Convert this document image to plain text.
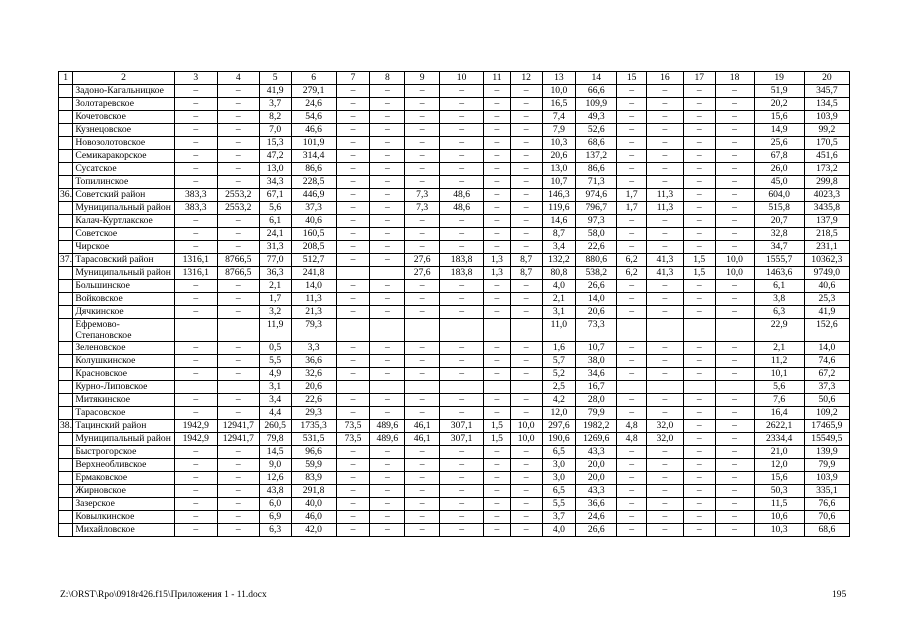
1	2	3	4	5	6	7	8	9	10	11	12	13	14	15	16	17	18	19	20
	Задоно-Кагальницкое	–	–	41,9	279,1	–	–	–	–	–	–	10,0	66,6	–	–	–	–	51,9	345,7
	Золотаревское	–	–	3,7	24,6	–	–	–	–	–	–	16,5	109,9	–	–	–	–	20,2	134,5
	Кочетовское	–	–	8,2	54,6	–	–	–	–	–	–	7,4	49,3	–	–	–	–	15,6	103,9
	Кузнецовское	–	–	7,0	46,6	–	–	–	–	–	–	7,9	52,6	–	–	–	–	14,9	99,2
	Новозолотовское	–	–	15,3	101,9	–	–	–	–	–	–	10,3	68,6	–	–	–	–	25,6	170,5
	Семикаракорское	–	–	47,2	314,4	–	–	–	–	–	–	20,6	137,2	–	–	–	–	67,8	451,6
	Сусатское	–	–	13,0	86,6	–	–	–	–	–	–	13,0	86,6	–	–	–	–	26,0	173,2
	Топилинское	–	–	34,3	228,5	–	–	–	–	–	–	10,7	71,3	–	–	–	–	45,0	299,8
36.	Советский район	383,3	2553,2	67,1	446,9	–	–	7,3	48,6	–	–	146,3	974,6	1,7	11,3	–	–	604,0	4023,3
	Муниципальный район	383,3	2553,2	5,6	37,3	–	–	7,3	48,6	–	–	119,6	796,7	1,7	11,3	–	–	515,8	3435,8
	Калач-Куртлакское	–	–	6,1	40,6	–	–	–	–	–	–	14,6	97,3	–	–	–	–	20,7	137,9
	Советское	–	–	24,1	160,5	–	–	–	–	–	–	8,7	58,0	–	–	–	–	32,8	218,5
	Чирское	–	–	31,3	208,5	–	–	–	–	–	–	3,4	22,6	–	–	–	–	34,7	231,1
37.	Тарасовский район	1316,1	8766,5	77,0	512,7	–	–	27,6	183,8	1,3	8,7	132,2	880,6	6,2	41,3	1,5	10,0	1555,7	10362,3
	Муниципальный район	1316,1	8766,5	36,3	241,8			27,6	183,8	1,3	8,7	80,8	538,2	6,2	41,3	1,5	10,0	1463,6	9749,0
	Большинское	–	–	2,1	14,0	–	–	–	–	–	–	4,0	26,6	–	–	–	–	6,1	40,6
	Войковское	–	–	1,7	11,3	–	–	–	–	–	–	2,1	14,0	–	–	–	–	3,8	25,3
	Дячкинское	–	–	3,2	21,3	–	–	–	–	–	–	3,1	20,6	–	–	–	–	6,3	41,9
	Ефремово-Степановское			11,9	79,3							11,0	73,3					22,9	152,6
	Зеленовское	–	–	0,5	3,3	–	–	–	–	–	–	1,6	10,7	–	–	–	–	2,1	14,0
	Колушкинское	–	–	5,5	36,6	–	–	–	–	–	–	5,7	38,0	–	–	–	–	11,2	74,6
	Красновское	–	–	4,9	32,6	–	–	–	–	–	–	5,2	34,6	–	–	–	–	10,1	67,2
	Курно-Липовское			3,1	20,6							2,5	16,7					5,6	37,3
	Митякинское	–	–	3,4	22,6	–	–	–	–	–	–	4,2	28,0	–	–	–	–	7,6	50,6
	Тарасовское	–	–	4,4	29,3	–	–	–	–	–	–	12,0	79,9	–	–	–	–	16,4	109,2
38.	Тацинский район	1942,9	12941,7	260,5	1735,3	73,5	489,6	46,1	307,1	1,5	10,0	297,6	1982,2	4,8	32,0	–	–	2622,1	17465,9
	Муниципальный район	1942,9	12941,7	79,8	531,5	73,5	489,6	46,1	307,1	1,5	10,0	190,6	1269,6	4,8	32,0	–	–	2334,4	15549,5
	Быстрогорское	–	–	14,5	96,6	–	–	–	–	–	–	6,5	43,3	–	–	–	–	21,0	139,9
	Верхнеобливское	–	–	9,0	59,9	–	–	–	–	–	–	3,0	20,0	–	–	–	–	12,0	79,9
	Ермаковское	–	–	12,6	83,9	–	–	–	–	–	–	3,0	20,0	–	–	–	–	15,6	103,9
	Жирновское	–	–	43,8	291,8	–	–	–	–	–	–	6,5	43,3	–	–	–	–	50,3	335,1
	Зазерское	–	–	6,0	40,0	–	–	–	–	–	–	5,5	36,6	–	–	–	–	11,5	76,6
	Ковылкинское	–	–	6,9	46,0	–	–	–	–	–	–	3,7	24,6	–	–	–	–	10,6	70,6
	Михайловское	–	–	6,3	42,0	–	–	–	–	–	–	4,0	26,6	–	–	–	–	10,3	68,6
Z:\ORST\Rpo\0918r426.f15\Приложения 1 - 11.docx	195
